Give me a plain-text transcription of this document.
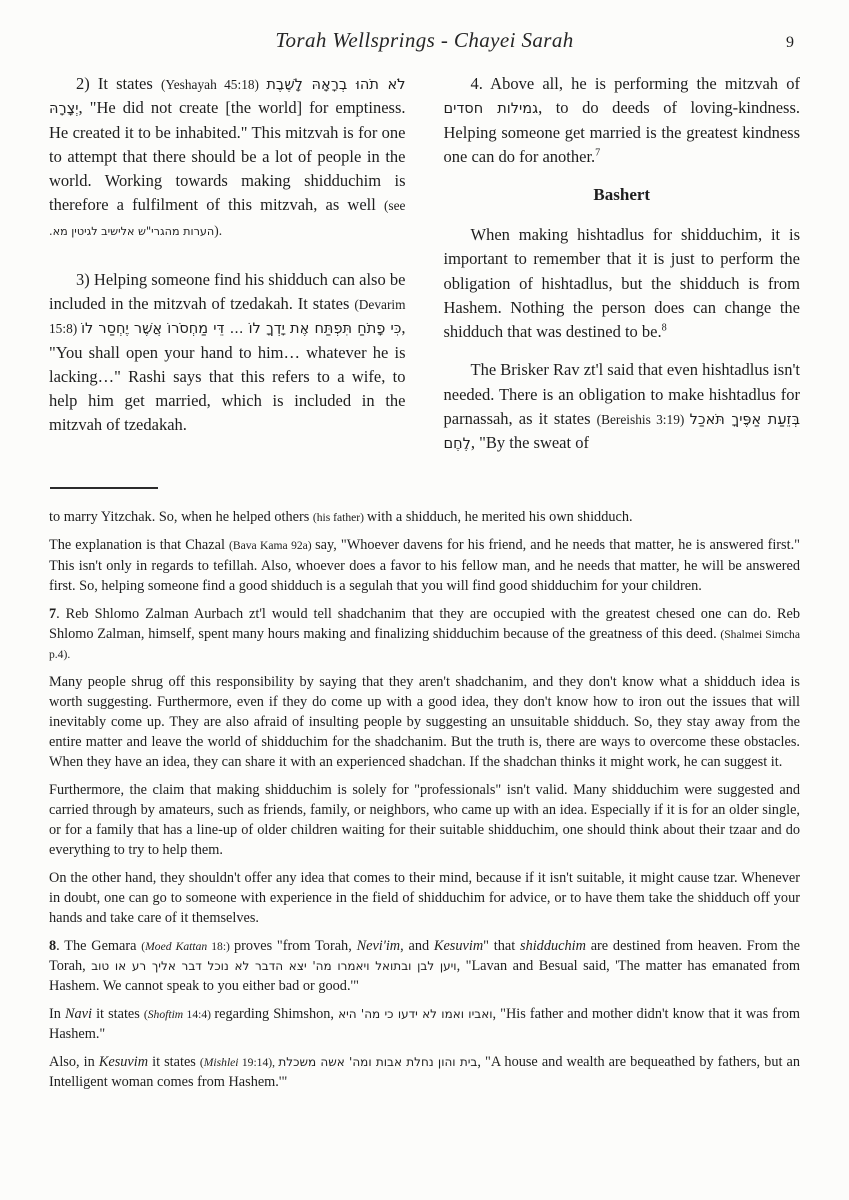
Torah Wellsprings - Chayei Sarah	9

2) It states (Yeshayah 45:18) לֹא תֹהוּ בְרָאָהּ לָשֶׁבֶת יְצָרָהּ, "He did not create [the world] for emptiness. He created it to be inhabited." This mitzvah is for one to attempt that there should be a lot of people in the world. Working towards making shidduchim is therefore a fulfilment of this mitzvah, as well (see הערות מהגרי"ש אלישיב לגיטין מא.).

3) Helping someone find his shidduch can also be included in the mitzvah of tzedakah. It states (Devarim 15:8) כִּי פָתֹחַ תִּפְתַּח אֶת יָדְךָ לוֹ ... דֵּי מַחְסֹרוֹ אֲשֶׁר יֶחְסַר לוֹ, "You shall open your hand to him… whatever he is lacking…" Rashi says that this refers to a wife, to help him get married, which is included in the mitzvah of tzedakah.

4. Above all, he is performing the mitzvah of גמילות חסדים, to do deeds of loving-kindness. Helping someone get married is the greatest kindness one can do for another.$^7$

Bashert

When making hishtadlus for shidduchim, it is important to remember that it is just to perform the obligation of hishtadlus, but the shidduch is from Hashem. Nothing the person does can change the shidduch that was destined to be.$^8$

The Brisker Rav zt'l said that even hishtadlus isn't needed. There is an obligation to make hishtadlus for parnassah, as it states (Bereishis 3:19) בְּזֵעַת אַפֶּיךָ תֹּאכַל לֶחֶם, "By the sweat of

to marry Yitzchak. So, when he helped others (his father) with a shidduch, he merited his own shidduch.

The explanation is that Chazal (Bava Kama 92a) say, "Whoever davens for his friend, and he needs that matter, he is answered first." This isn't only in regards to tefillah. Also, whoever does a favor to his fellow man, and he needs that matter, he will be answered first. So, helping someone find a good shidduch is a segulah that you will find good shidduchim for your children.

7. Reb Shlomo Zalman Aurbach zt'l would tell shadchanim that they are occupied with the greatest chesed one can do. Reb Shlomo Zalman, himself, spent many hours making and finalizing shidduchim because of the greatness of this deed. (Shalmei Simcha p.4).

Many people shrug off this responsibility by saying that they aren't shadchanim, and they don't know what a shidduch idea is worth suggesting. Furthermore, even if they do come up with a good idea, they don't know how to iron out the issues that will inevitably come up. They are also afraid of insulting people by suggesting an unsuitable shidduch. So, they stay away from the entire matter and leave the world of shidduchim for the shadchanim. But the truth is, there are ways to overcome these obstacles. When they have an idea, they can share it with an experienced shadchan. If the shadchan thinks it might work, he can suggest it.

Furthermore, the claim that making shidduchim is solely for "professionals" isn't valid. Many shidduchim were suggested and carried through by amateurs, such as friends, family, or neighbors, who came up with an idea. Especially if it is for an older single, or for a family that has a line-up of older children waiting for their suitable shidduchim, one should think about their tzaar and do everything to try to help them.

On the other hand, they shouldn't offer any idea that comes to their mind, because if it isn't suitable, it might cause tzar. Whenever in doubt, one can go to someone with experience in the field of shidduchim for advice, or to have them take the shidduch off your hands and take care of it themselves.

8. The Gemara (Moed Kattan 18:) proves "from Torah, Nevi'im, and Kesuvim" that shidduchim are destined from heaven. From the Torah, ויען לבן ובתואל ויאמרו מה' יצא הדבר לא נוכל דבר אליך רע או טוב, "Lavan and Besual said, 'The matter has emanated from Hashem. We cannot speak to you either bad or good.'"

In Navi it states (Shoftim 14:4) regarding Shimshon, ואביו ואמו לא ידעו כי מה' היא, "His father and mother didn't know that it was from Hashem."

Also, in Kesuvim it states (Mishlei 19:14), בית והון נחלת אבות ומה' אשה משכלת, "A house and wealth are bequeathed by fathers, but an Intelligent woman comes from Hashem.'"
